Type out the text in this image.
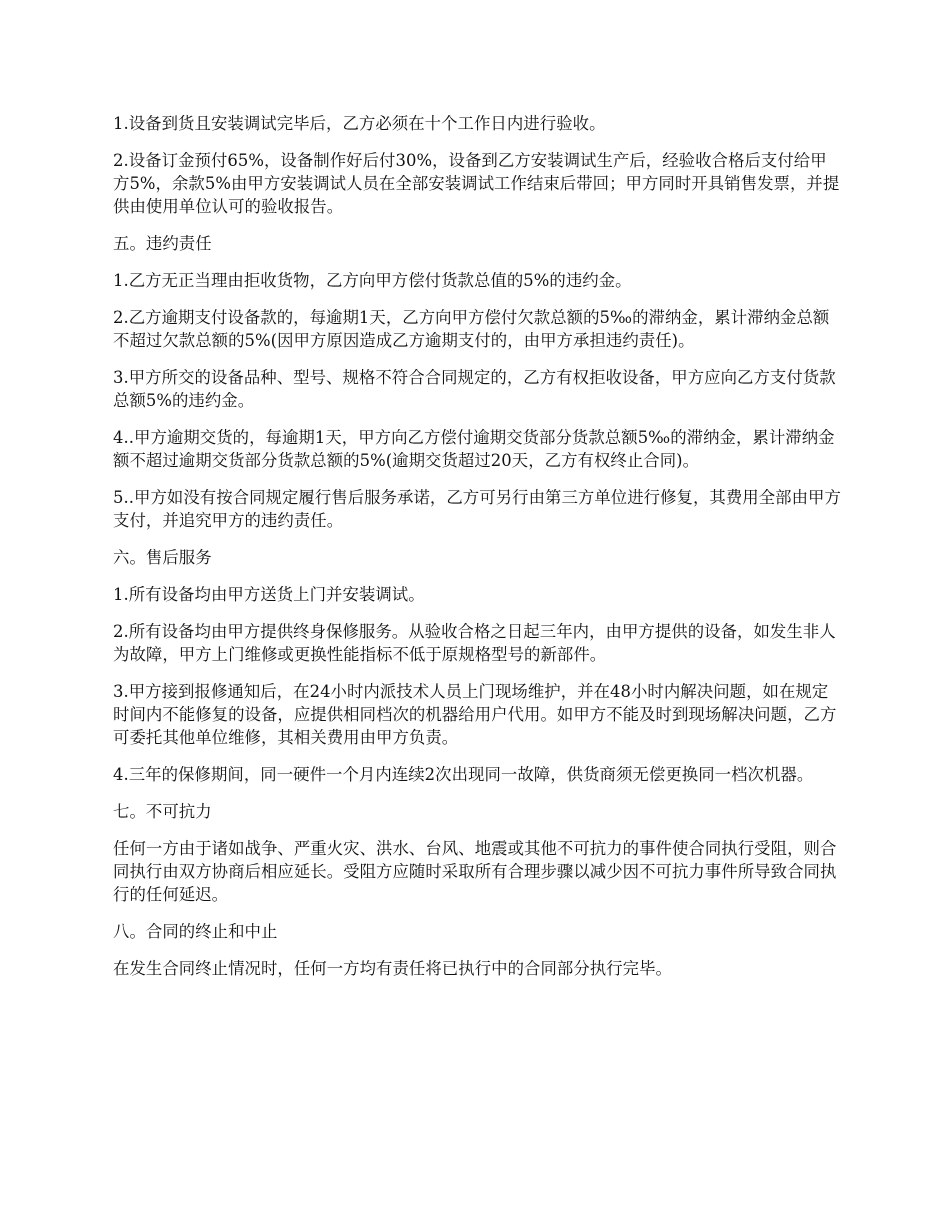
1.设备到货且安装调试完毕后，乙方必须在十个工作日内进行验收。

2.设备订金预付65%，设备制作好后付30%，设备到乙方安装调试生产后，经验收合格后支付给甲方5%，余款5%由甲方安装调试人员在全部安装调试工作结束后带回；甲方同时开具销售发票，并提供由使用单位认可的验收报告。

五。违约责任

1.乙方无正当理由拒收货物，乙方向甲方偿付货款总值的5%的违约金。

2.乙方逾期支付设备款的，每逾期1天，乙方向甲方偿付欠款总额的5‰的滞纳金，累计滞纳金总额不超过欠款总额的5%(因甲方原因造成乙方逾期支付的，由甲方承担违约责任)。

3.甲方所交的设备品种、型号、规格不符合合同规定的，乙方有权拒收设备，甲方应向乙方支付货款总额5%的违约金。

4..甲方逾期交货的，每逾期1天，甲方向乙方偿付逾期交货部分货款总额5‰的滞纳金，累计滞纳金额不超过逾期交货部分货款总额的5%(逾期交货超过20天，乙方有权终止合同)。

5..甲方如没有按合同规定履行售后服务承诺，乙方可另行由第三方单位进行修复，其费用全部由甲方支付，并追究甲方的违约责任。

六。售后服务

1.所有设备均由甲方送货上门并安装调试。

2.所有设备均由甲方提供终身保修服务。从验收合格之日起三年内，由甲方提供的设备，如发生非人为故障，甲方上门维修或更换性能指标不低于原规格型号的新部件。

3.甲方接到报修通知后，在24小时内派技术人员上门现场维护，并在48小时内解决问题，如在规定时间内不能修复的设备，应提供相同档次的机器给用户代用。如甲方不能及时到现场解决问题，乙方可委托其他单位维修，其相关费用由甲方负责。

4.三年的保修期间，同一硬件一个月内连续2次出现同一故障，供货商须无偿更换同一档次机器。

七。不可抗力

任何一方由于诸如战争、严重火灾、洪水、台风、地震或其他不可抗力的事件使合同执行受阻，则合同执行由双方协商后相应延长。受阻方应随时采取所有合理步骤以减少因不可抗力事件所导致合同执行的任何延迟。

八。合同的终止和中止

在发生合同终止情况时，任何一方均有责任将已执行中的合同部分执行完毕。
